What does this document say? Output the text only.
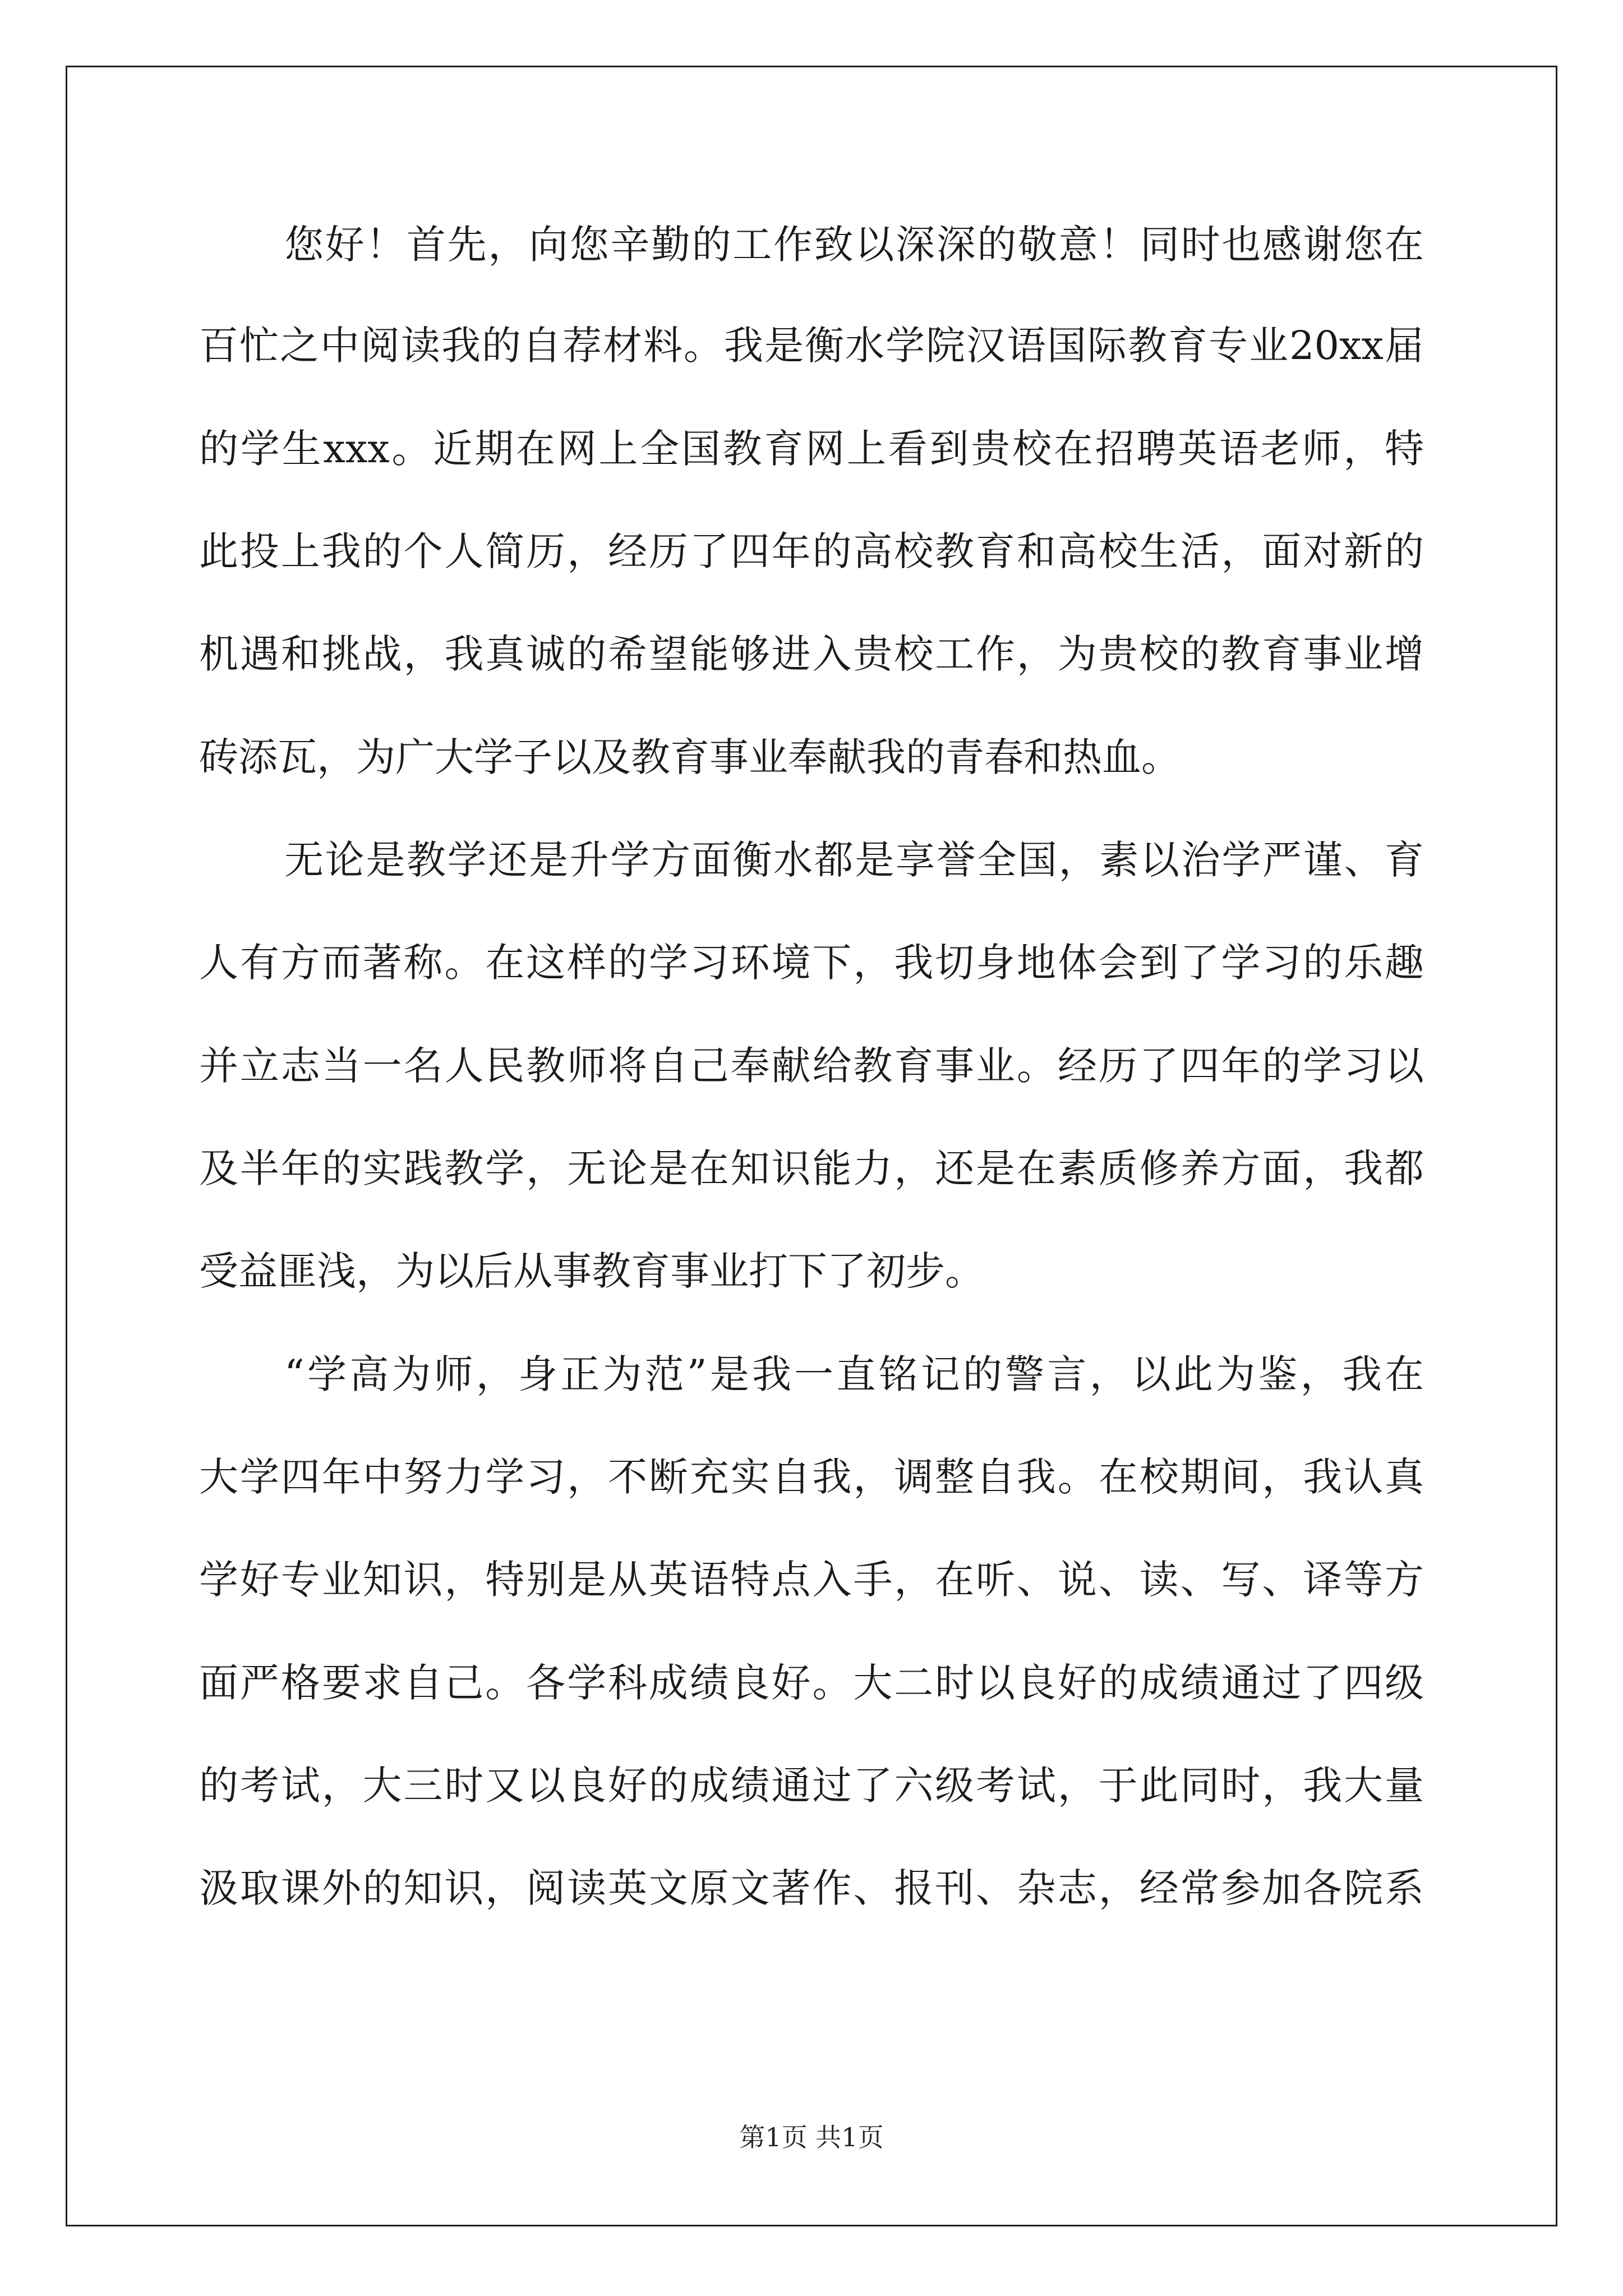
您好！首先，向您辛勤的工作致以深深的敬意！同时也感谢您在
百忙之中阅读我的自荐材料。我是衡水学院汉语国际教育专业20xx届
的学生xxx。近期在网上全国教育网上看到贵校在招聘英语老师，特
此投上我的个人简历，经历了四年的高校教育和高校生活，面对新的
机遇和挑战，我真诚的希望能够进入贵校工作，为贵校的教育事业增
砖添瓦，为广大学子以及教育事业奉献我的青春和热血。
无论是教学还是升学方面衡水都是享誉全国，素以治学严谨、育
人有方而著称。在这样的学习环境下，我切身地体会到了学习的乐趣
并立志当一名人民教师将自己奉献给教育事业。经历了四年的学习以
及半年的实践教学，无论是在知识能力，还是在素质修养方面，我都
受益匪浅，为以后从事教育事业打下了初步。
“学高为师，身正为范”是我一直铭记的警言，以此为鉴，我在
大学四年中努力学习，不断充实自我，调整自我。在校期间，我认真
学好专业知识，特别是从英语特点入手，在听、说、读、写、译等方
面严格要求自己。各学科成绩良好。大二时以良好的成绩通过了四级
的考试，大三时又以良好的成绩通过了六级考试，于此同时，我大量
汲取课外的知识，阅读英文原文著作、报刊、杂志，经常参加各院系
第1页 共1页
